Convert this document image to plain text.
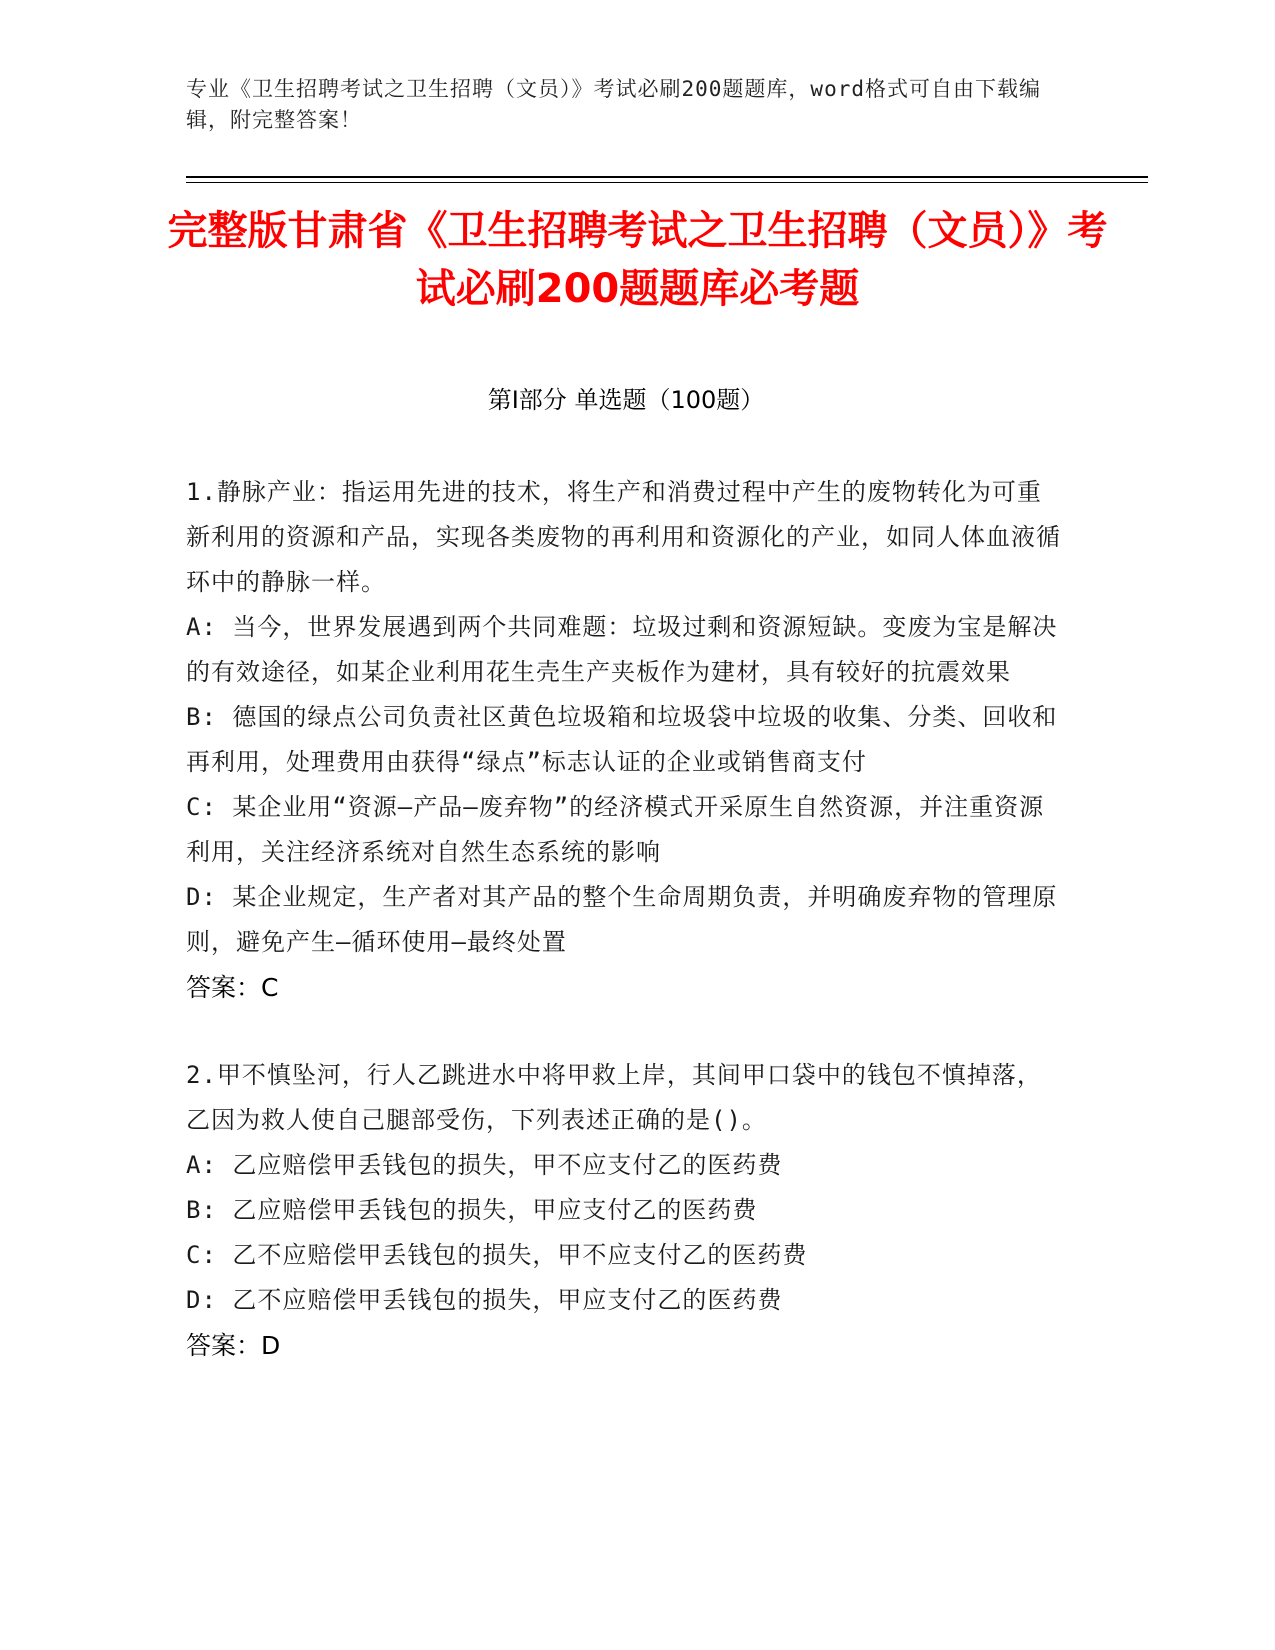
专业《卫生招聘考试之卫生招聘（文员）》考试必刷200题题库，word格式可自由下载编辑，附完整答案！
完整版甘肃省《卫生招聘考试之卫生招聘（文员）》考试必刷200题题库必考题
第Ⅰ部分 单选题（100题）
1.静脉产业：指运用先进的技术，将生产和消费过程中产生的废物转化为可重新利用的资源和产品，实现各类废物的再利用和资源化的产业，如同人体血液循环中的静脉一样。
A: 当今，世界发展遇到两个共同难题：垃圾过剩和资源短缺。变废为宝是解决的有效途径，如某企业利用花生壳生产夹板作为建材，具有较好的抗震效果
B: 德国的绿点公司负责社区黄色垃圾箱和垃圾袋中垃圾的收集、分类、回收和再利用，处理费用由获得“绿点”标志认证的企业或销售商支付
C: 某企业用“资源—产品—废弃物”的经济模式开采原生自然资源，并注重资源利用，关注经济系统对自然生态系统的影响
D: 某企业规定，生产者对其产品的整个生命周期负责，并明确废弃物的管理原则，避免产生—循环使用—最终处置
答案：C
2.甲不慎坠河，行人乙跳进水中将甲救上岸，其间甲口袋中的钱包不慎掉落，乙因为救人使自己腿部受伤，下列表述正确的是()。
A: 乙应赔偿甲丢钱包的损失，甲不应支付乙的医药费
B: 乙应赔偿甲丢钱包的损失，甲应支付乙的医药费
C: 乙不应赔偿甲丢钱包的损失，甲不应支付乙的医药费
D: 乙不应赔偿甲丢钱包的损失，甲应支付乙的医药费
答案：D
